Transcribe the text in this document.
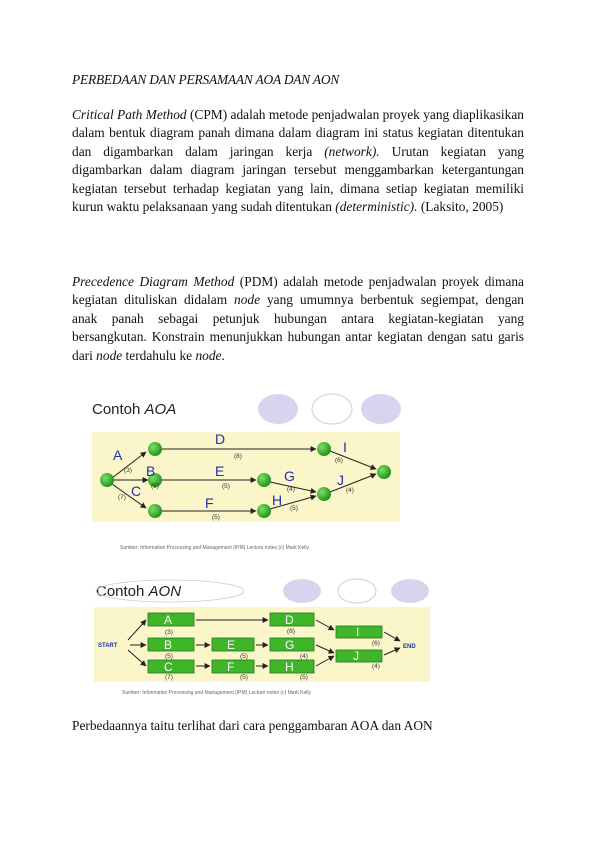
PERBEDAAN DAN PERSAMAAN AOA DAN AON

Critical Path Method (CPM) adalah metode penjadwalan proyek yang diaplikasikan dalam bentuk diagram panah dimana dalam diagram ini status kegiatan ditentukan dan digambarkan dalam jaringan kerja (network). Urutan kegiatan yang digambarkan dalam diagram jaringan tersebut menggambarkan ketergantungan kegiatan tersebut terhadap kegiatan yang lain, dimana setiap kegiatan memiliki kurun waktu pelaksanaan yang sudah ditentukan (deterministic). (Laksito, 2005)

Precedence Diagram Method (PDM) adalah metode penjadwalan proyek dimana kegiatan dituliskan didalam node yang umumnya berbentuk segiempat, dengan anak panah sebagai petunjuk hubungan antara kegiatan-kegiatan yang bersangkutan. Konstrain menunjukkan hubungan antar kegiatan dengan satu garis dari node terdahulu ke node.

Contoh AOA
A
(3) B
(5)
C
(7)
D
(8)
E
(5)
F
(5)
G
(4)
H
(5)
I
(6)
J
(4)
Sumber: Information Processing and Management (IPM) Lecture notes (c) Mark Kelly
Contoh AON
START	END
A
(3)
B
(5)
C
(7)
D
(8)
E
(5)
F
(5)
G
(4)
H
(5)
I
(6)
J
(4)
Sumber: Information Processing and Management (IPM) Lecture notes (c) Mark Kelly
Perbedaannya taitu terlihat dari cara penggambaran AOA dan AON
